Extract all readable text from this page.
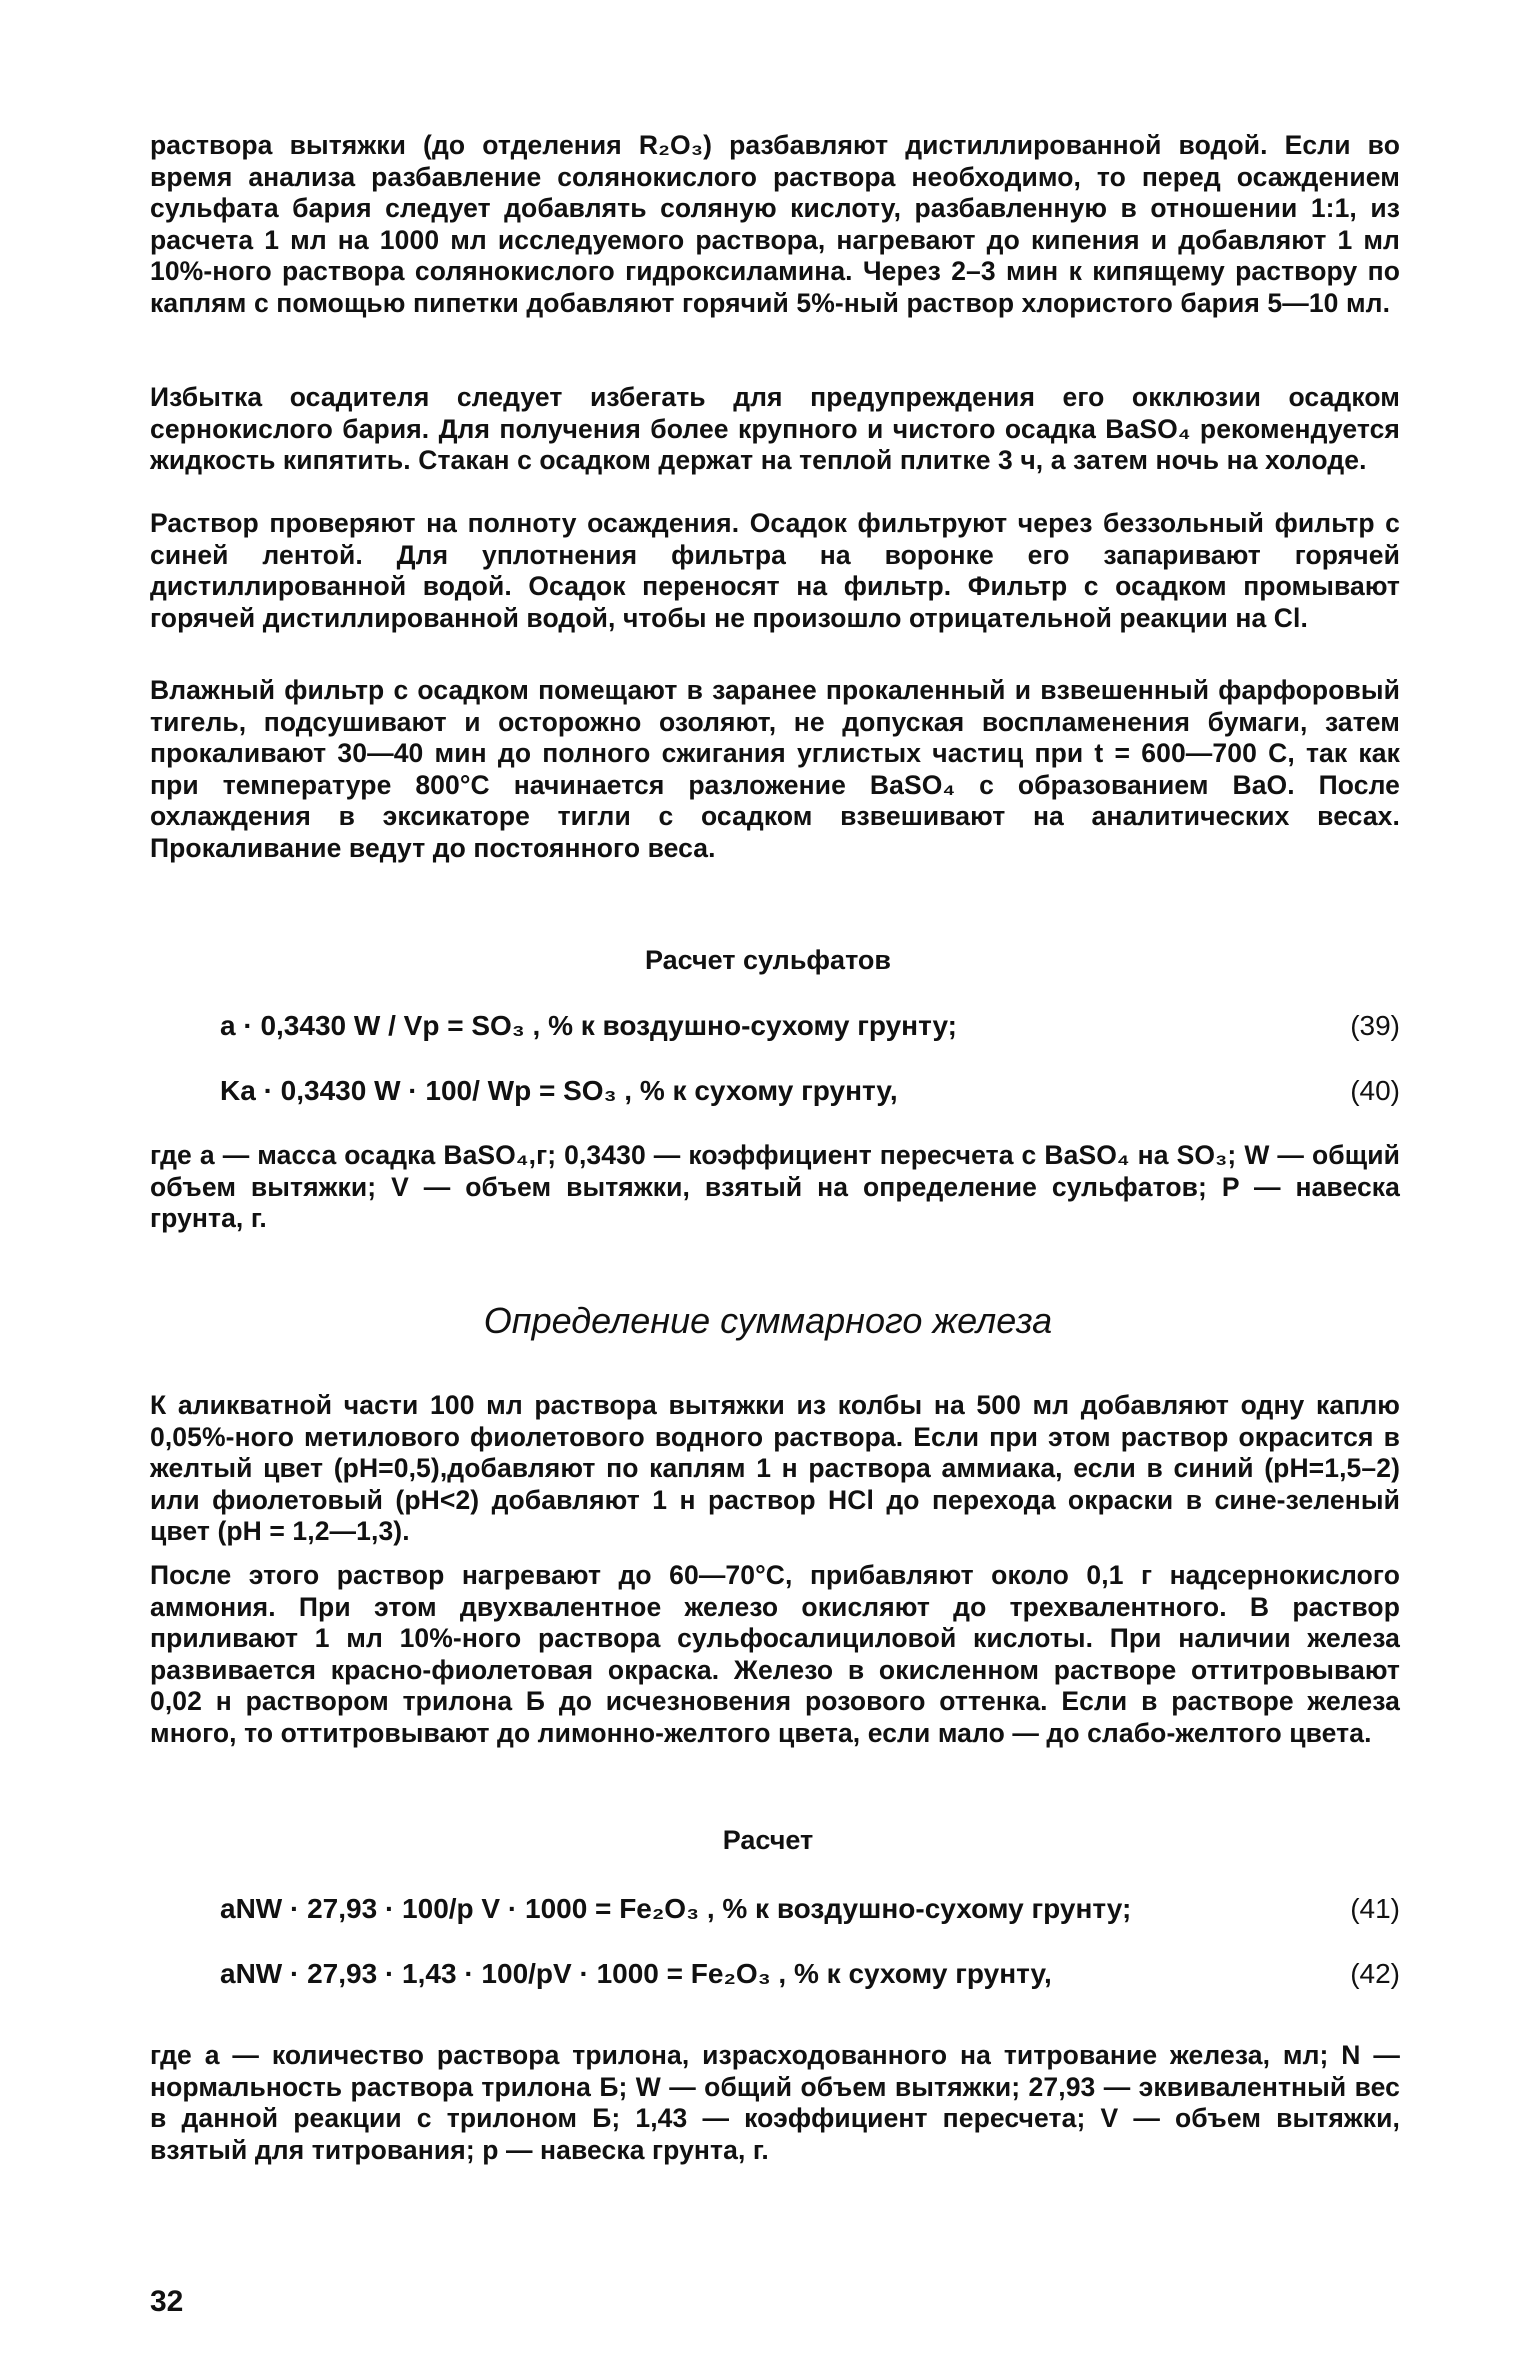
раствора вытяжки (до отделения R₂O₃) разбавляют дистиллированной водой. Если во время анализа разбавление солянокислого раствора необходимо, то перед осаждением сульфата бария следует добавлять соляную кислоту, разбавленную в отношении 1:1, из расчета 1 мл на 1000 мл исследуемого раствора, нагревают до кипения и добавляют 1 мл 10%-ного раствора солянокислого гидроксиламина. Через 2–3 мин к кипящему раствору по каплям с помощью пипетки добавляют горячий 5%-ный раствор хлористого бария 5—10 мл.

Избытка осадителя следует избегать для предупреждения его окклюзии осадком сернокислого бария. Для получения более крупного и чистого осадка BaSO₄ рекомендуется жидкость кипятить. Стакан с осадком держат на теплой плитке 3 ч, а затем ночь на холоде.

Раствор проверяют на полноту осаждения. Осадок фильтруют через беззольный фильтр с синей лентой. Для уплотнения фильтра на воронке его запаривают горячей дистиллированной водой. Осадок переносят на фильтр. Фильтр с осадком промывают горячей дистиллированной водой, чтобы не произошло отрицательной реакции на Cl.

Влажный фильтр с осадком помещают в заранее прокаленный и взвешенный фарфоровый тигель, подсушивают и осторожно озоляют, не допуская воспламенения бумаги, затем прокаливают 30—40 мин до полного сжигания углистых частиц при t = 600—700 C, так как при температуре 800°C начинается разложение BaSO₄ с образованием BaO. После охлаждения в эксикаторе тигли с осадком взвешивают на аналитических весах. Прокаливание ведут до постоянного веса.

Расчет сульфатов

a · 0,3430 W / Vp = SO₃ , % к воздушно-сухому грунту;	(39)
Ka · 0,3430 W · 100/ Wp = SO₃ , % к сухому грунту,	(40)

где a — масса осадка BaSO₄,г; 0,3430 — коэффициент пересчета с BaSO₄ на SO₃; W — общий объем вытяжки; V — объем вытяжки, взятый на определение сульфатов; P — навеска грунта, г.

Определение суммарного железа

К аликватной части 100 мл раствора вытяжки из колбы на 500 мл добавляют одну каплю 0,05%-ного метилового фиолетового водного раствора. Если при этом раствор окрасится в желтый цвет (pH=0,5),добавляют по каплям 1 н раствора аммиака, если в синий (pH=1,5–2) или фиолетовый (pH<2) добавляют 1 н раствор HCl до перехода окраски в сине-зеленый цвет (pH = 1,2—1,3).

После этого раствор нагревают до 60—70°С, прибавляют около 0,1 г надсернокислого аммония. При этом двухвалентное железо окисляют до трехвалентного. В раствор приливают 1 мл 10%-ного раствора сульфосалициловой кислоты. При наличии железа развивается красно-фиолетовая окраска. Железо в окисленном растворе оттитровывают 0,02 н раствором трилона Б до исчезновения розового оттенка. Если в растворе железа много, то оттитровывают до лимонно-желтого цвета, если мало — до слабо-желтого цвета.

Расчет

aNW · 27,93 · 100/p V · 1000 = Fe₂O₃ , % к воздушно-сухому грунту;	(41)
aNW · 27,93 · 1,43 · 100/pV · 1000 = Fe₂O₃ , % к сухому грунту,	(42)

где a — количество раствора трилона, израсходованного на титрование железа, мл; N — нормальность раствора трилона Б; W — общий объем вытяжки; 27,93 — эквивалентный вес в данной реакции с трилоном Б; 1,43 — коэффициент пересчета; V — объем вытяжки, взятый для титрования; p — навеска грунта, г.

32
